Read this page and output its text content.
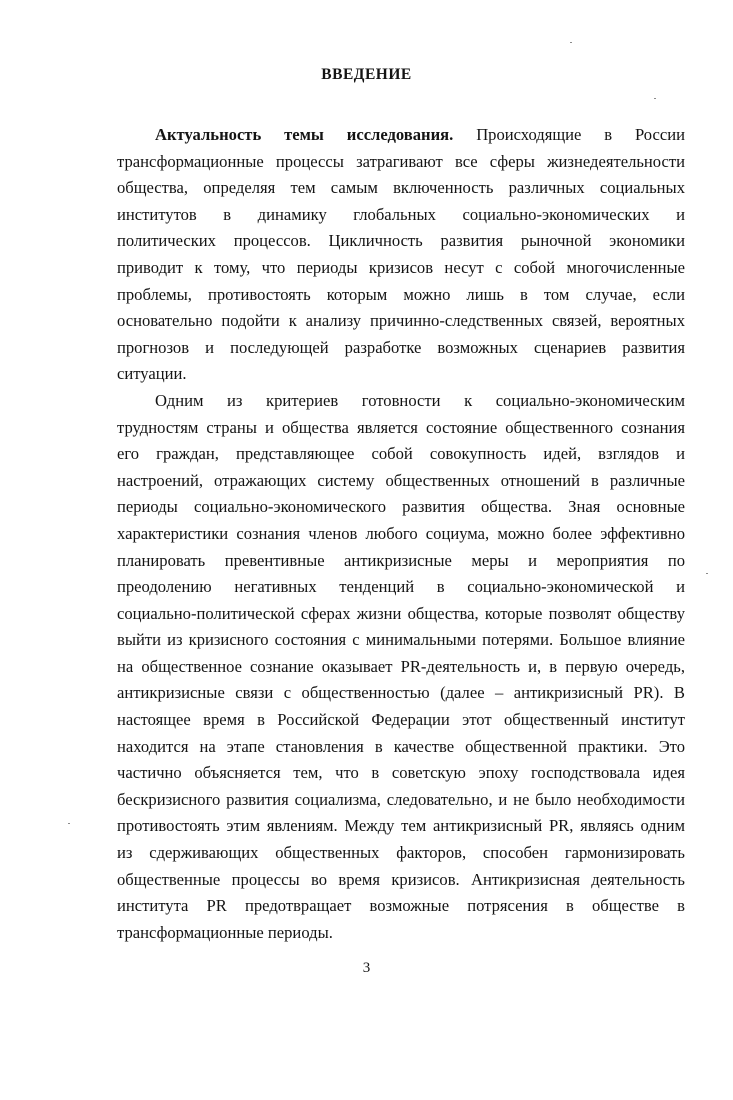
ВВЕДЕНИЕ

Актуальность темы исследования. Происходящие в России
трансформационные процессы затрагивают все сферы жизнедеятельности
общества, определяя тем самым включенность различных социальных
институтов в динамику глобальных социально-экономических и
политических процессов. Цикличность развития рыночной экономики
приводит к тому, что периоды кризисов несут с собой многочисленные
проблемы, противостоять которым можно лишь в том случае, если
основательно подойти к анализу причинно-следственных связей, вероятных
прогнозов и последующей разработке возможных сценариев развития
ситуации.

Одним из критериев готовности к социально-экономическим
трудностям страны и общества является состояние общественного сознания
его граждан, представляющее собой совокупность идей, взглядов и
настроений, отражающих систему общественных отношений в различные
периоды социально-экономического развития общества. Зная основные
характеристики сознания членов любого социума, можно более эффективно
планировать превентивные антикризисные меры и мероприятия по
преодолению негативных тенденций в социально-экономической и
социально-политической сферах жизни общества, которые позволят обществу
выйти из кризисного состояния с минимальными потерями. Большое влияние
на общественное сознание оказывает PR-деятельность и, в первую очередь,
антикризисные связи с общественностью (далее – антикризисный PR). В
настоящее время в Российской Федерации этот общественный институт
находится на этапе становления в качестве общественной практики. Это
частично объясняется тем, что в советскую эпоху господствовала идея
бескризисного развития социализма, следовательно, и не было необходимости
противостоять этим явлениям. Между тем антикризисный PR, являясь одним
из сдерживающих общественных факторов, способен гармонизировать
общественные процессы во время кризисов. Антикризисная деятельность
института PR предотвращает возможные потрясения в обществе в
трансформационные периоды.

3
